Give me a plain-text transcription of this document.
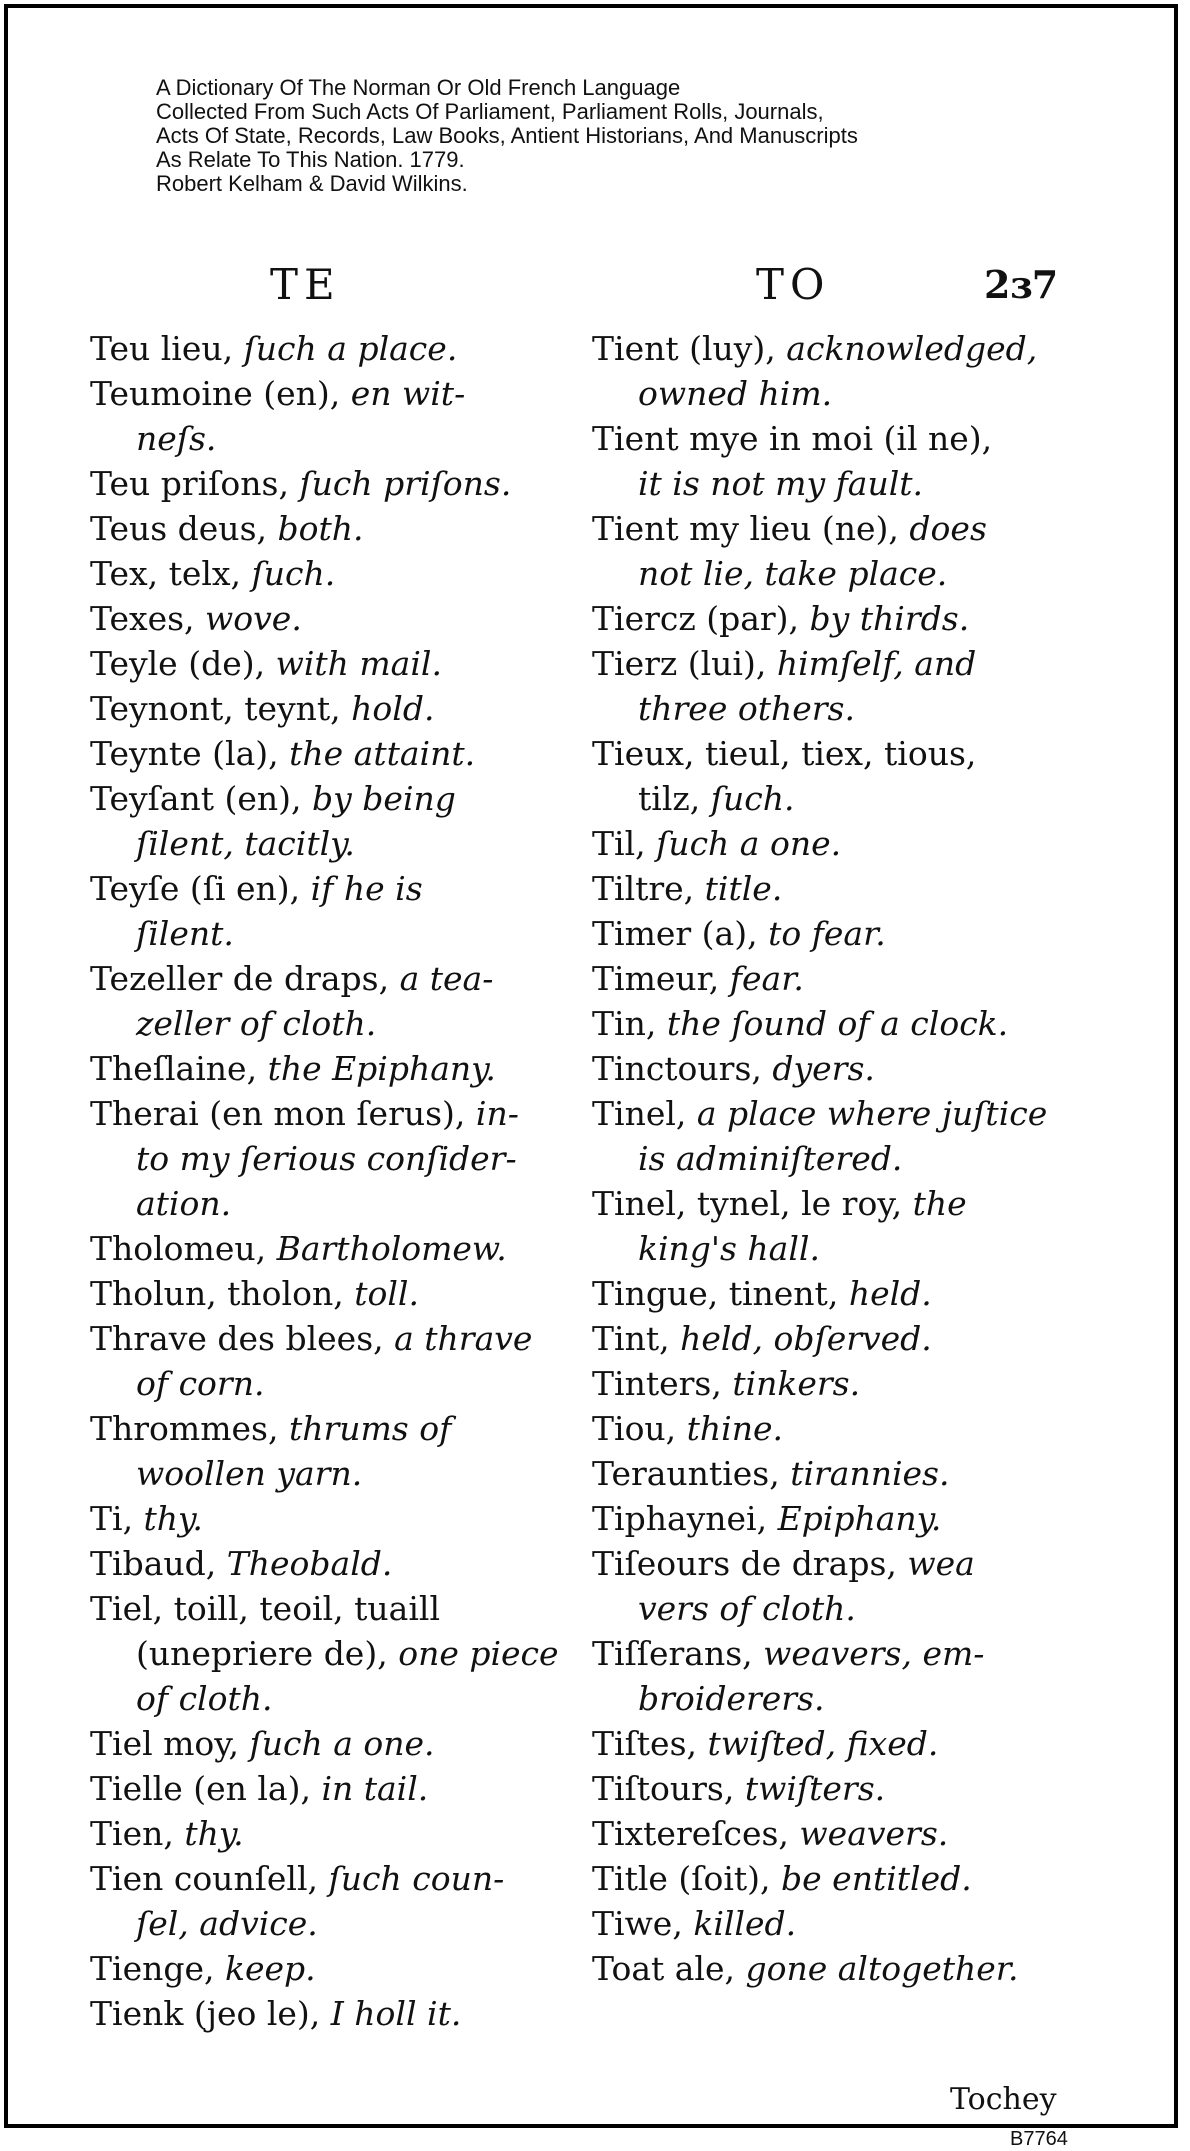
A Dictionary Of The Norman Or Old French Language
Collected From Such Acts Of Parliament, Parliament Rolls, Journals,
Acts Of State, Records, Law Books, Antient Historians, And Manuscripts
As Relate To This Nation. 1779.
Robert Kelham & David Wilkins.
TE	TO	2ɜ7
Teu lieu, ſuch a place.
Teumoine (en), en wit-
neſs.
Teu priſons, ſuch priſons.
Teus deus, both.
Tex, telx, ſuch.
Texes, wove.
Teyle (de), with mail.
Teynont, teynt, hold.
Teynte (la), the attaint.
Teyſant (en), by being
ſilent, tacitly.
Teyſe (ſi en), if he is
ſilent.
Tezeller de draps, a tea-
zeller of cloth.
Theſlaine, the Epiphany.
Therai (en mon ſerus), in-
to my ſerious conſider-
ation.
Tholomeu, Bartholomew.
Tholun, tholon, toll.
Thrave des blees, a thrave
of corn.
Thrommes, thrums of
woollen yarn.
Ti, thy.
Tibaud, Theobald.
Tiel, toill, teoil, tuaill
(unepriere de), one piece
of cloth.
Tiel moy, ſuch a one.
Tielle (en la), in tail.
Tien, thy.
Tien counſell, ſuch coun-
ſel, advice.
Tienge, keep.
Tienk (jeo le), I holl it.
Tient (luy), acknowledged,
owned him.
Tient mye in moi (il ne),
it is not my fault.
Tient my lieu (ne), does
not lie, take place.
Tiercz (par), by thirds.
Tierz (lui), himſelf, and
three others.
Tieux, tieul, tiex, tious,
tilz, ſuch.
Til, ſuch a one.
Tiltre, title.
Timer (a), to fear.
Timeur, fear.
Tin, the ſound of a clock.
Tinctours, dyers.
Tinel, a place where juſtice
is adminiſtered.
Tinel, tynel, le roy, the
king's hall.
Tingue, tinent, held.
Tint, held, obſerved.
Tinters, tinkers.
Tiou, thine.
Teraunties, tirannies.
Tiphaynei, Epiphany.
Tiſeours de draps, wea
vers of cloth.
Tiſſerans, weavers, em-
broiderers.
Tiſtes, twiſted, fixed.
Tiſtours, twiſters.
Tixtereſces, weavers.
Title (ſoit), be entitled.
Tiwe, killed.
Toat ale, gone altogether.
Tochey
B7764
